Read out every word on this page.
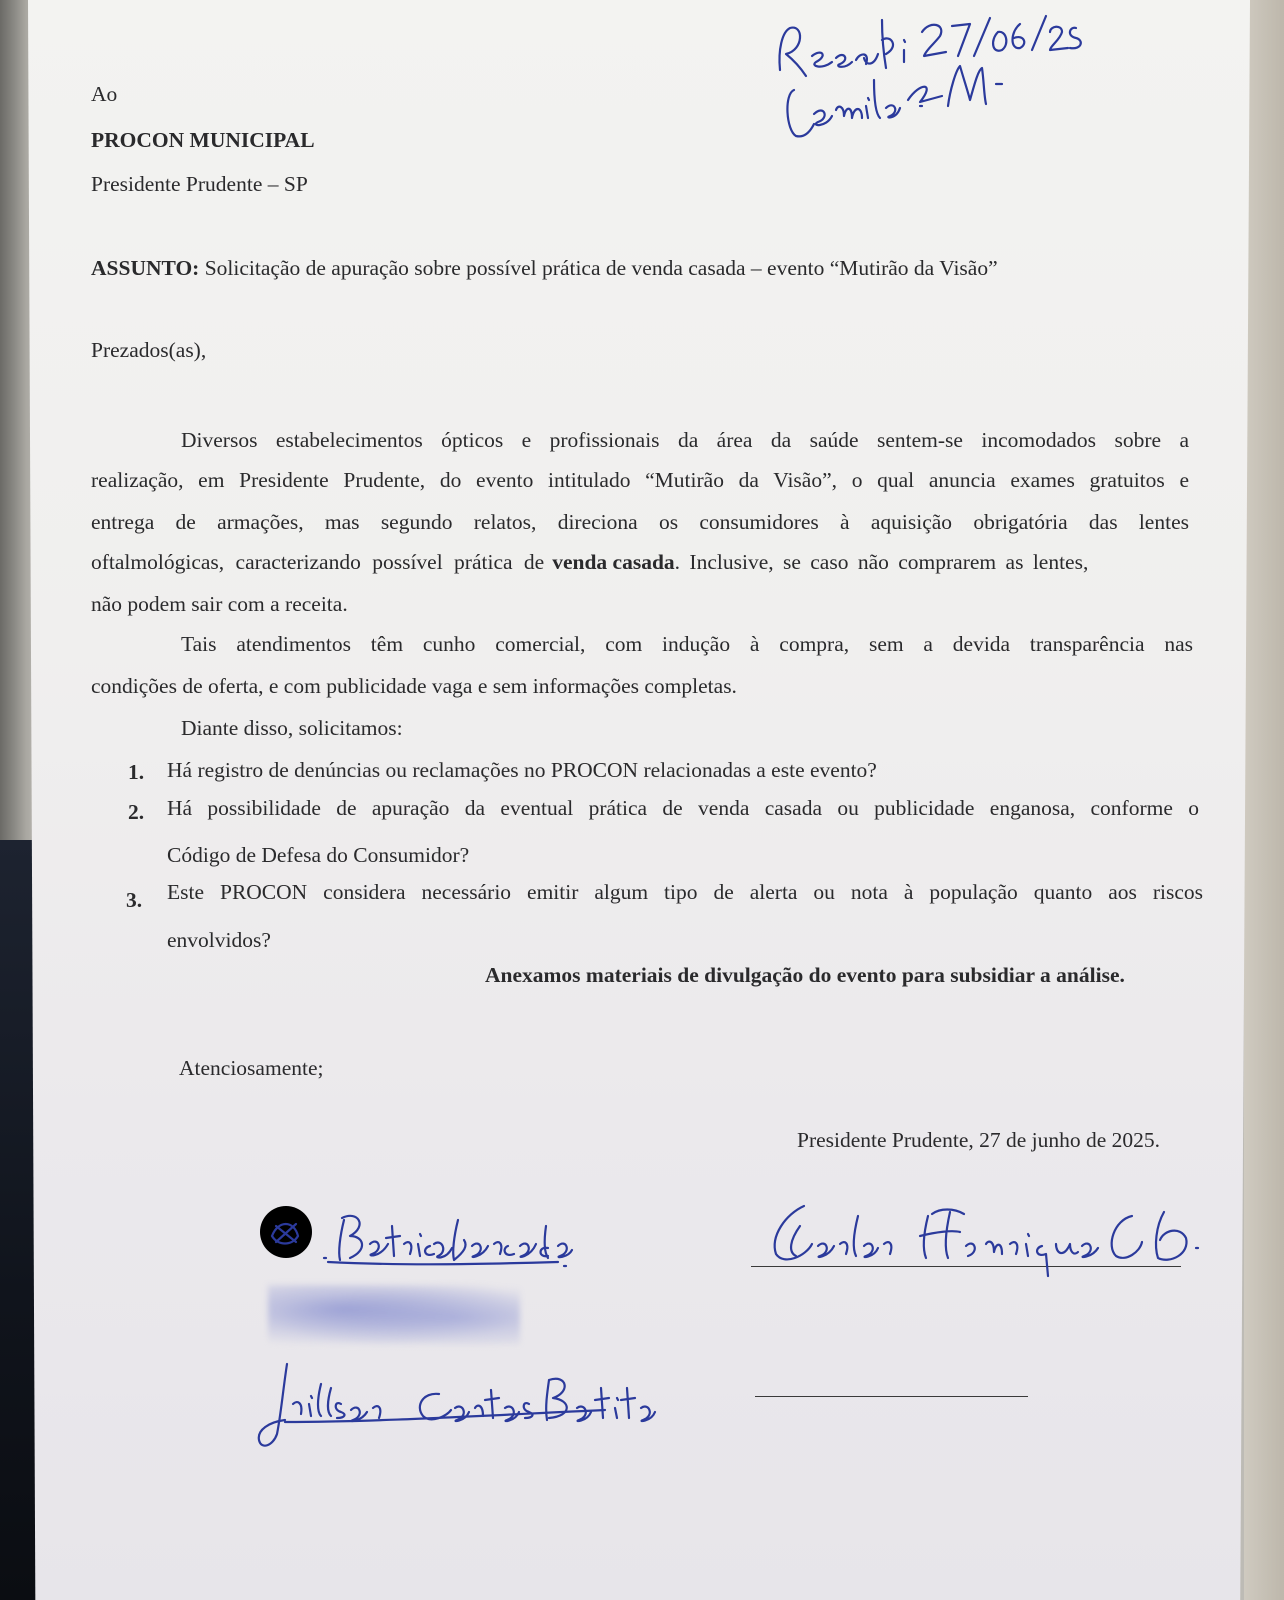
Ao
PROCON MUNICIPAL
Presidente Prudente – SP
ASSUNTO: Solicitação de apuração sobre possível prática de venda casada – evento “Mutirão da Visão”
Prezados(as),
Diversos estabelecimentos ópticos e profissionais da área da saúde sentem-se incomodados sobre a
realização, em Presidente Prudente, do evento intitulado “Mutirão da Visão”, o qual anuncia exames gratuitos e
entrega de armações, mas segundo relatos, direciona os consumidores à aquisição obrigatória das lentes
oftalmológicas, caracterizando possível prática de venda casada . Inclusive, se caso não comprarem as lentes,
não podem sair com a receita.
Tais atendimentos têm cunho comercial, com indução à compra, sem a devida transparência nas
condições de oferta, e com publicidade vaga e sem informações completas.
Diante disso, solicitamos:
1. Há registro de denúncias ou reclamações no PROCON relacionadas a este evento?
2. Há possibilidade de apuração da eventual prática de venda casada ou publicidade enganosa, conforme o
Código de Defesa do Consumidor?
3. Este PROCON considera necessário emitir algum tipo de alerta ou nota à população quanto aos riscos
envolvidos?
Anexamos materiais de divulgação do evento para subsidiar a análise.
Atenciosamente;
Presidente Prudente, 27 de junho de 2025.
